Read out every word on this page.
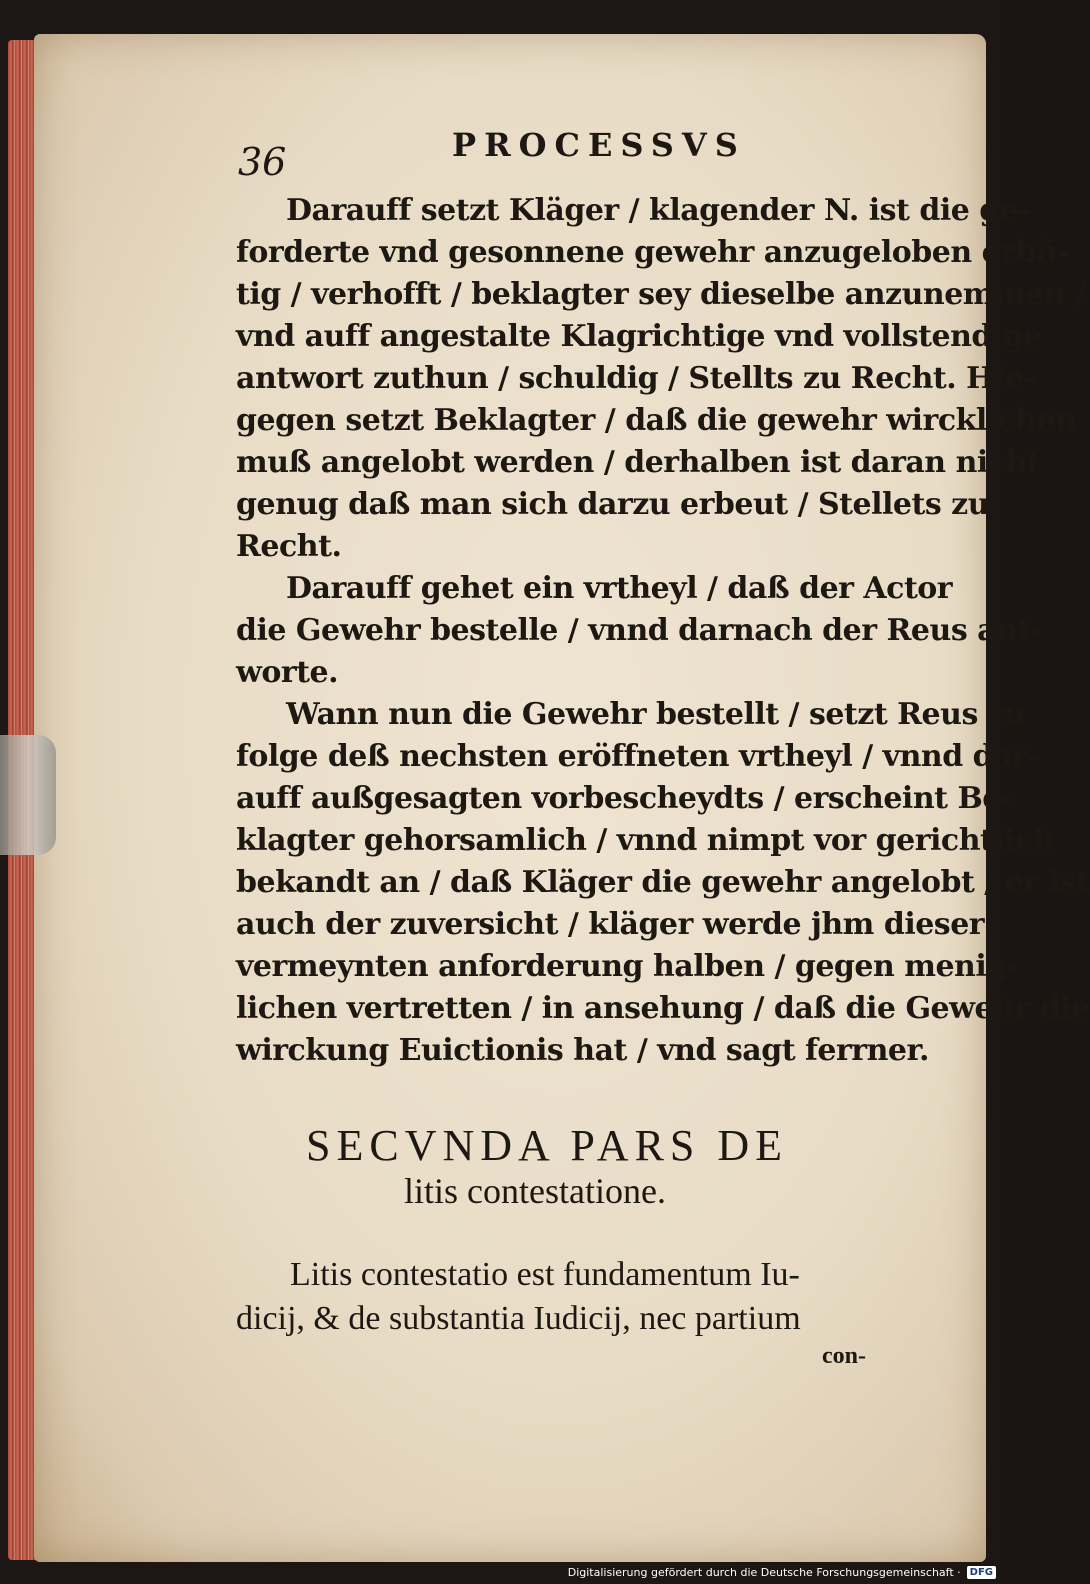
36	PROCESSVS
Darauff setzt Kläger / klagender N. ist die ge-
forderte vnd gesonnene gewehr anzugeloben erbü-
tig / verhofft / beklagter sey dieselbe anzunemmen /
vnd auff angestalte Klagrichtige vnd vollstendige
antwort zuthun / schuldig / Stellts zu Recht. Hie-
gegen setzt Beklagter / daß die gewehr wircklichen
muß angelobt werden / derhalben ist daran nicht
genug daß man sich darzu erbeut / Stellets zu
Recht.
Darauff gehet ein vrtheyl / daß der Actor
die Gewehr bestelle / vnnd darnach der Reus ant-
worte.
Wann nun die Gewehr bestellt / setzt Reus zu
folge deß nechsten eröffneten vrtheyl / vnnd dar-
auff außgesagten vorbescheydts / erscheint Be-
klagter gehorsamlich / vnnd nimpt vor gerichtlich
bekandt an / daß Kläger die gewehr angelobt / er ist
auch der zuversicht / kläger werde jhm dieser
vermeynten anforderung halben / gegen menig-
lichen vertretten / in ansehung / daß die Gewehr die
wirckung Euictionis hat / vnd sagt ferrner.
SECVNDA PARS DE
litis contestatione.
Litis contestatio est fundamentum Iu-
dicij, & de substantia Iudicij, nec partium
con-
Digitalisierung gefördert durch die Deutsche Forschungsgemeinschaft · DFG
